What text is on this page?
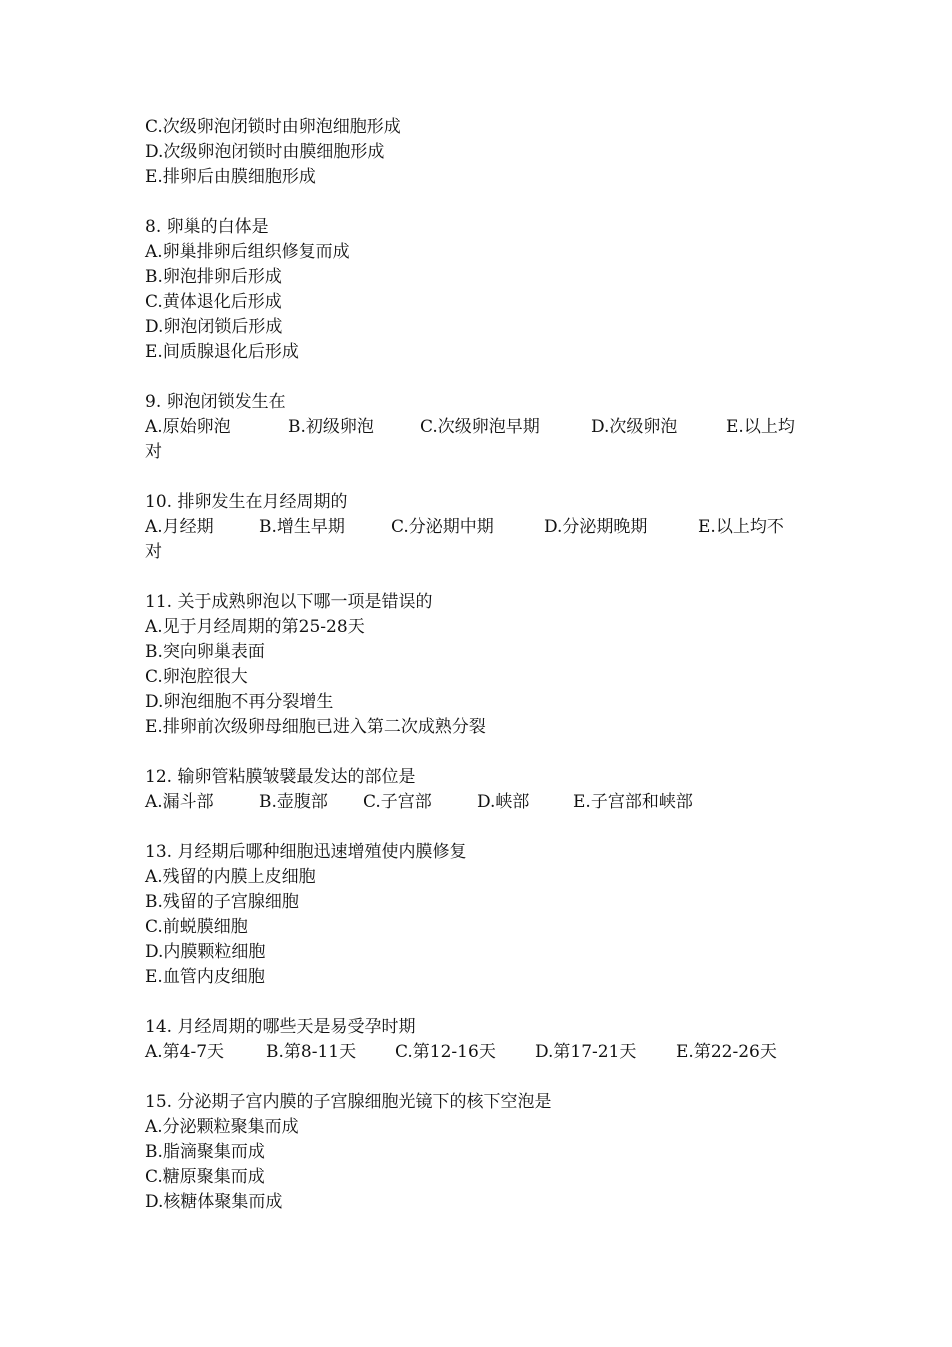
C.次级卵泡闭锁时由卵泡细胞形成
D.次级卵泡闭锁时由膜细胞形成
E.排卵后由膜细胞形成
8. 卵巢的白体是
A.卵巢排卵后组织修复而成
B.卵泡排卵后形成
C.黄体退化后形成
D.卵泡闭锁后形成
E.间质腺退化后形成
9. 卵泡闭锁发生在
A.原始卵泡	B.初级卵泡	C.次级卵泡早期	D.次级卵泡	E.以上均
对
10. 排卵发生在月经周期的
A.月经期	B.增生早期	C.分泌期中期	D.分泌期晚期	E.以上均不
对
11. 关于成熟卵泡以下哪一项是错误的
A.见于月经周期的第25-28天
B.突向卵巢表面
C.卵泡腔很大
D.卵泡细胞不再分裂增生
E.排卵前次级卵母细胞已进入第二次成熟分裂
12. 输卵管粘膜皱襞最发达的部位是
A.漏斗部	B.壶腹部	C.子宫部	D.峡部	E.子宫部和峡部
13. 月经期后哪种细胞迅速增殖使内膜修复
A.残留的内膜上皮细胞
B.残留的子宫腺细胞
C.前蜕膜细胞
D.内膜颗粒细胞
E.血管内皮细胞
14. 月经周期的哪些天是易受孕时期
A.第4-7天	B.第8-11天	C.第12-16天	D.第17-21天	E.第22-26天
15. 分泌期子宫内膜的子宫腺细胞光镜下的核下空泡是
A.分泌颗粒聚集而成
B.脂滴聚集而成
C.糖原聚集而成
D.核糖体聚集而成
